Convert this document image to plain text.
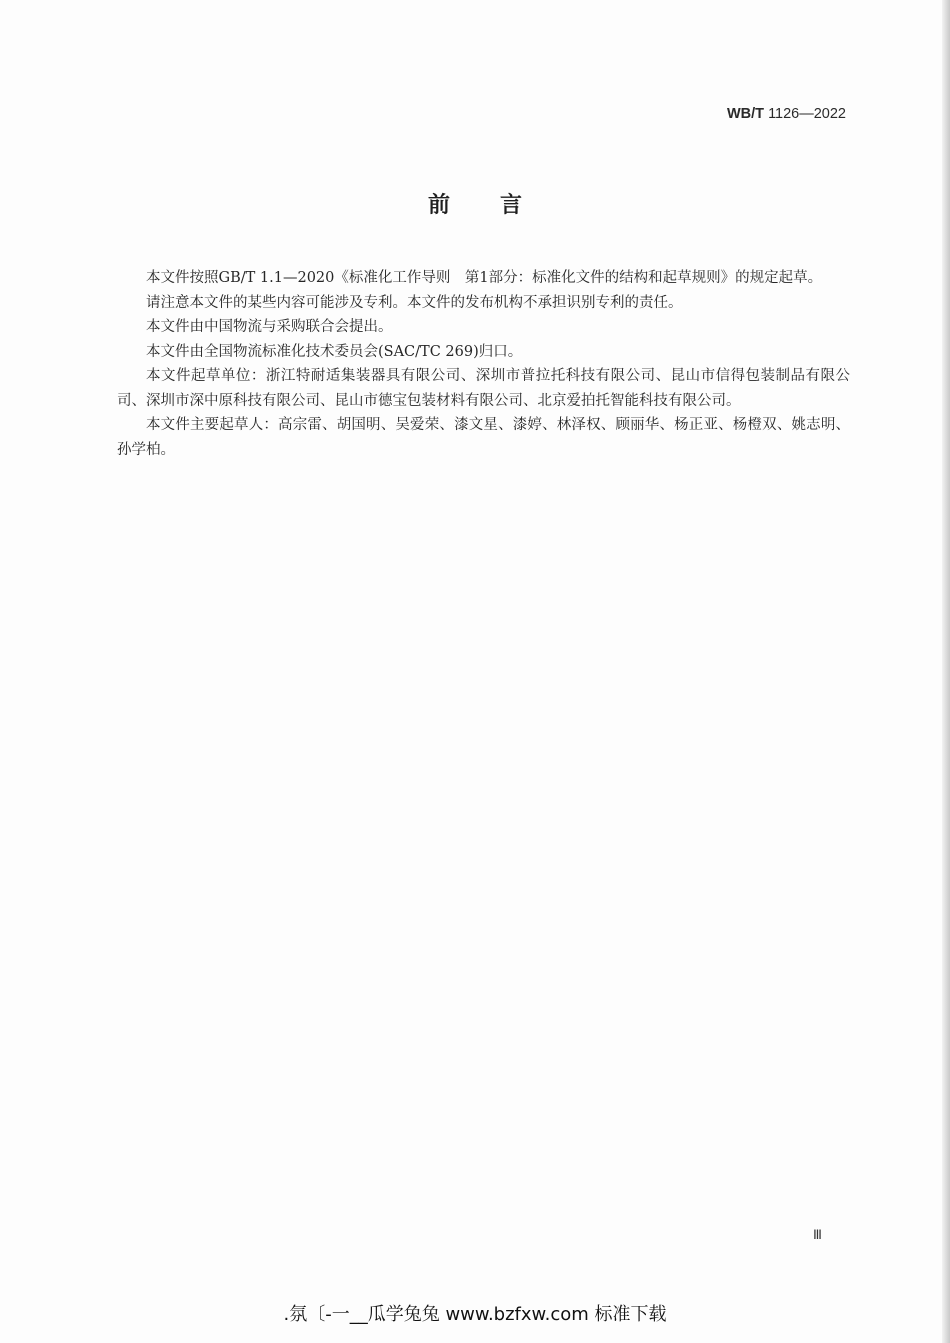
WB/T 1126—2022
前言

本文件按照GB/T 1.1—2020《标准化工作导则　第1部分：标准化文件的结构和起草规则》的规定起草。

请注意本文件的某些内容可能涉及专利。本文件的发布机构不承担识别专利的责任。

本文件由中国物流与采购联合会提出。

本文件由全国物流标准化技术委员会(SAC/TC 269)归口。

本文件起草单位：浙江特耐适集装器具有限公司、深圳市普拉托科技有限公司、昆山市信得包装制品有限公司、深圳市深中原科技有限公司、昆山市德宝包装材料有限公司、北京爱拍托智能科技有限公司。

本文件主要起草人：高宗雷、胡国明、吴爱荣、漆文星、漆婷、林泽权、顾丽华、杨正亚、杨橙双、姚志明、孙学柏。

Ⅲ
.氛〔-一__瓜学兔兔 www.bzfxw.com 标准下载
